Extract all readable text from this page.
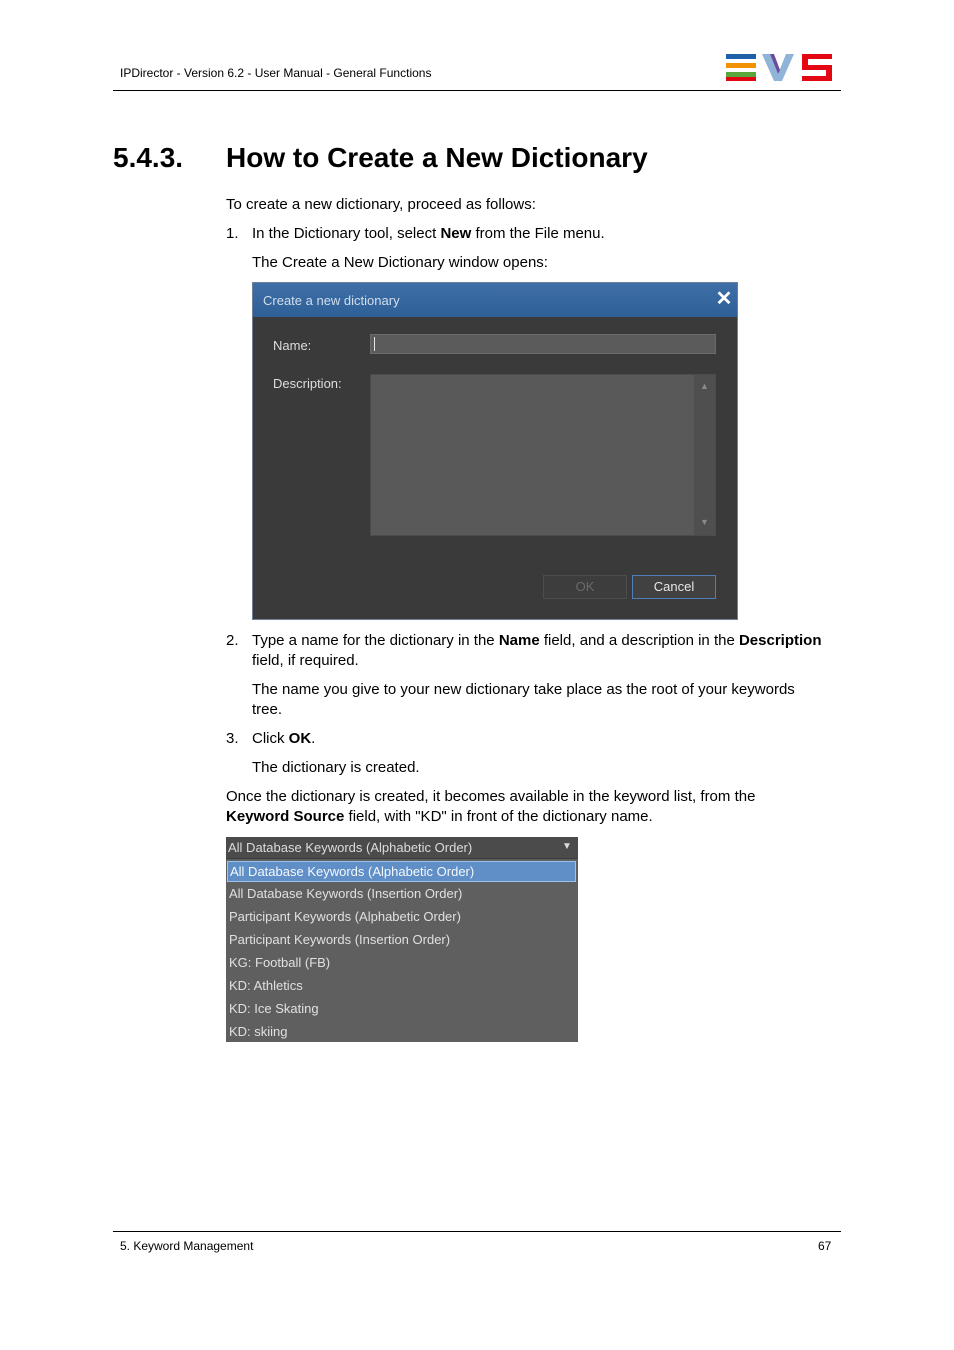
IPDirector - Version 6.2 - User Manual - General Functions
5.4.3. How to Create a New Dictionary
To create a new dictionary, proceed as follows:
1. In the Dictionary tool, select New from the File menu.
The Create a New Dictionary window opens:
Create a new dictionary	✕
Name:
Description:	▲
▼
OK	Cancel
2. Type a name for the dictionary in the Name field, and a description in the Description
field, if required.
The name you give to your new dictionary take place as the root of your keywords
tree.
3. Click OK.
The dictionary is created.
Once the dictionary is created, it becomes available in the keyword list, from the
Keyword Source field, with "KD" in front of the dictionary name.
All Database Keywords (Alphabetic Order)	▼
All Database Keywords (Alphabetic Order)
All Database Keywords (Insertion Order)
Participant Keywords (Alphabetic Order)
Participant Keywords (Insertion Order)
KG: Football (FB)
KD: Athletics
KD: Ice Skating
KD: skiing
5. Keyword Management	67
